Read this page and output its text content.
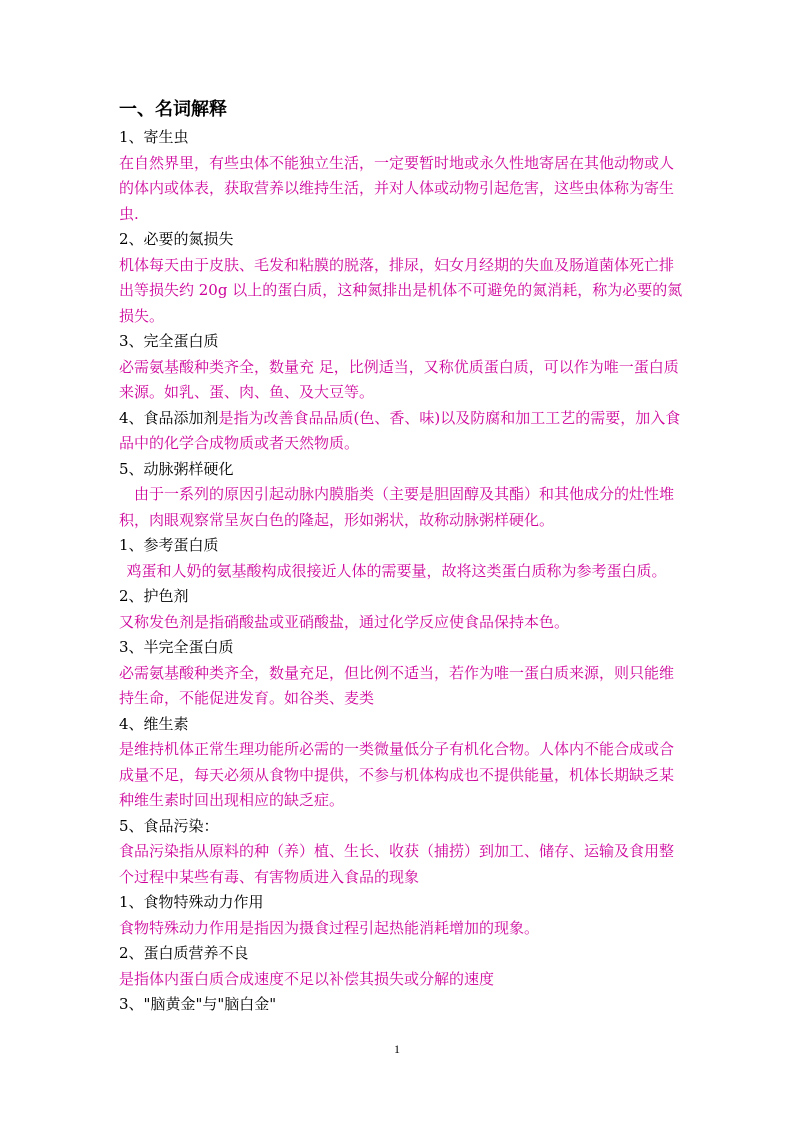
一、名词解释
1、寄生虫
在自然界里，有些虫体不能独立生活，一定要暂时地或永久性地寄居在其他动物或人的体内或体表，获取营养以维持生活，并对人体或动物引起危害，这些虫体称为寄生虫.
2、必要的氮损失
机体每天由于皮肤、毛发和粘膜的脱落，排尿，妇女月经期的失血及肠道菌体死亡排出等损失约 20g 以上的蛋白质，这种氮排出是机体不可避免的氮消耗，称为必要的氮损失。
3、完全蛋白质
必需氨基酸种类齐全，数量充 足，比例适当，又称优质蛋白质，可以作为唯一蛋白质来源。如乳、蛋、肉、鱼、及大豆等。
4、食品添加剂是指为改善食品品质(色、香、味)以及防腐和加工工艺的需要，加入食品中的化学合成物质或者天然物质。
5、动脉粥样硬化
由于一系列的原因引起动脉内膜脂类（主要是胆固醇及其酯）和其他成分的灶性堆积，肉眼观察常呈灰白色的隆起，形如粥状，故称动脉粥样硬化。
1、参考蛋白质
鸡蛋和人奶的氨基酸构成很接近人体的需要量，故将这类蛋白质称为参考蛋白质。
2、护色剂
又称发色剂是指硝酸盐或亚硝酸盐，通过化学反应使食品保持本色。
3、半完全蛋白质
必需氨基酸种类齐全，数量充足，但比例不适当，若作为唯一蛋白质来源，则只能维持生命，不能促进发育。如谷类、麦类
4、维生素
是维持机体正常生理功能所必需的一类微量低分子有机化合物。人体内不能合成或合成量不足，每天必须从食物中提供，不参与机体构成也不提供能量，机体长期缺乏某种维生素时回出现相应的缺乏症。
5、食品污染：
食品污染指从原料的种（养）植、生长、收获（捕捞）到加工、储存、运输及食用整个过程中某些有毒、有害物质进入食品的现象
1、食物特殊动力作用
食物特殊动力作用是指因为摄食过程引起热能消耗增加的现象。
2、蛋白质营养不良
是指体内蛋白质合成速度不足以补偿其损失或分解的速度
3、"脑黄金"与"脑白金"
1
